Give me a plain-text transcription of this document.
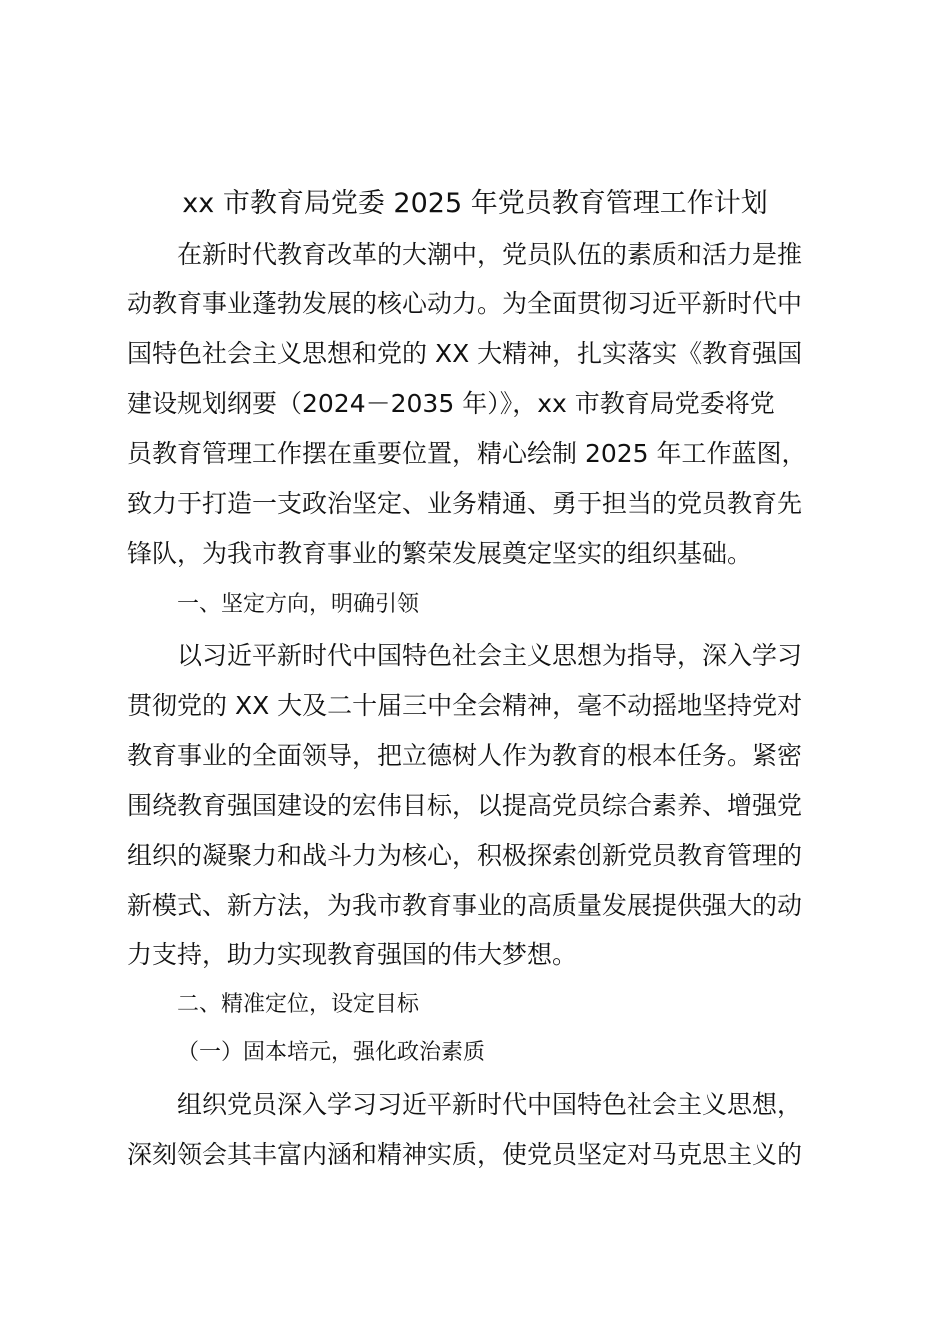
xx 市教育局党委 2025 年党员教育管理工作计划
在新时代教育改革的大潮中，党员队伍的素质和活力是推
动教育事业蓬勃发展的核心动力。为全面贯彻习近平新时代中
国特色社会主义思想和党的 XX 大精神，扎实落实《教育强国
建设规划纲要（2024－2035 年）》，xx 市教育局党委将党
员教育管理工作摆在重要位置，精心绘制 2025 年工作蓝图，
致力于打造一支政治坚定、业务精通、勇于担当的党员教育先
锋队，为我市教育事业的繁荣发展奠定坚实的组织基础。
一、坚定方向，明确引领
以习近平新时代中国特色社会主义思想为指导，深入学习
贯彻党的 XX 大及二十届三中全会精神，毫不动摇地坚持党对
教育事业的全面领导，把立德树人作为教育的根本任务。紧密
围绕教育强国建设的宏伟目标，以提高党员综合素养、增强党
组织的凝聚力和战斗力为核心，积极探索创新党员教育管理的
新模式、新方法，为我市教育事业的高质量发展提供强大的动
力支持，助力实现教育强国的伟大梦想。
二、精准定位，设定目标
（一）固本培元，强化政治素质
组织党员深入学习习近平新时代中国特色社会主义思想，
深刻领会其丰富内涵和精神实质，使党员坚定对马克思主义的
